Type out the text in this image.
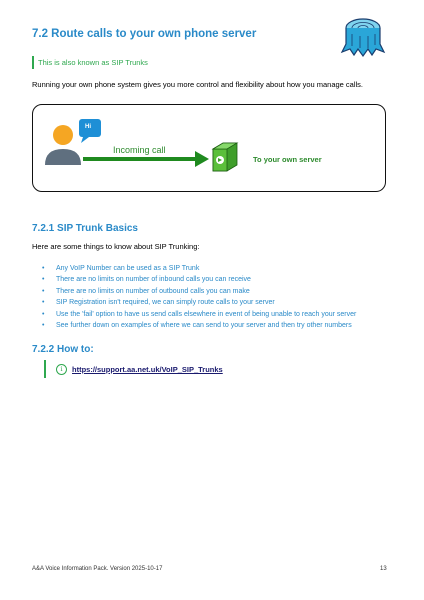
7.2 Route calls to your own phone server
This is also known as SIP Trunks
Running your own phone system gives you more control and flexibility about how you manage calls.
Hi
Incoming call
To your own server
7.2.1 SIP Trunk Basics
Here are some things to know about SIP Trunking:
• Any VoIP Number can be used as a SIP Trunk
• There are no limits on number of inbound calls you can receive
• There are no limits on number of outbound calls you can make
• SIP Registration isn't required, we can simply route calls to your server
• Use the 'fail' option to have us send calls elsewhere in event of being unable to reach your server
• See further down on examples of where we can send to your server and then try other numbers
7.2.2 How to:
i	https://support.aa.net.uk/VoIP_SIP_Trunks
A&A Voice Information Pack. Version 2025-10-17	13
